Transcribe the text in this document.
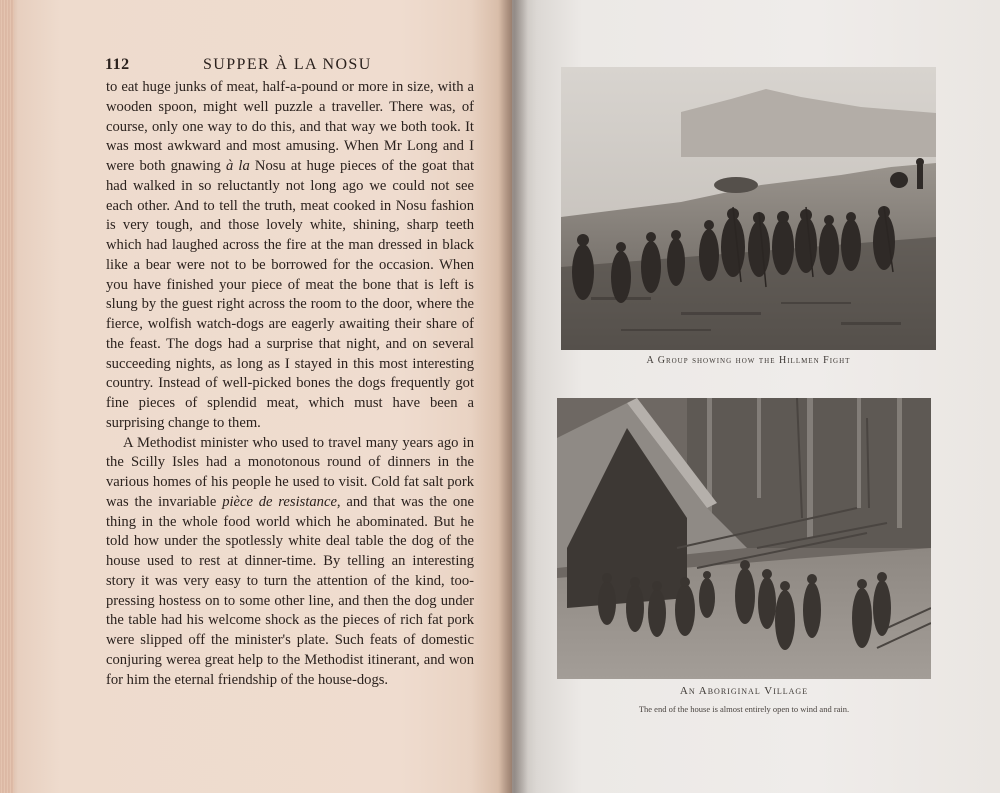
112	SUPPER À LA NOSU

to eat huge junks of meat, half-a-pound or more in size, with a wooden spoon, might well puzzle a traveller. There was, of course, only one way to do this, and that way we both took. It was most awkward and most amusing. When Mr Long and I were both gnawing à la Nosu at huge pieces of the goat that had walked in so reluctantly not long ago we could not see each other. And to tell the truth, meat cooked in Nosu fashion is very tough, and those lovely white, shining, sharp teeth which had laughed across the fire at the man dressed in black like a bear were not to be borrowed for the occasion. When you have finished your piece of meat the bone that is left is slung by the guest right across the room to the door, where the fierce, wolfish watch-dogs are eagerly awaiting their share of the feast. The dogs had a surprise that night, and on several succeeding nights, as long as I stayed in this most interesting country. Instead of well-picked bones the dogs frequently got fine pieces of splendid meat, which must have been a surprising change to them.

A Methodist minister who used to travel many years ago in the Scilly Isles had a monotonous round of dinners in the various homes of his people he used to visit. Cold fat salt pork was the invariable pièce de resistance, and that was the one thing in the whole food world which he abominated. But he told how under the spotlessly white deal table the dog of the house used to rest at dinner-time. By telling an interesting story it was very easy to turn the attention of the kind, too-pressing hostess on to some other line, and then the dog under the table had his welcome shock as the pieces of rich fat pork were slipped off the minister's plate. Such feats of domestic conjuring werea great help to the Methodist itinerant, and won for him the eternal friendship of the house-dogs.

A Group showing how the Hillmen Fight
An Aboriginal Village
The end of the house is almost entirely open to wind and rain.
